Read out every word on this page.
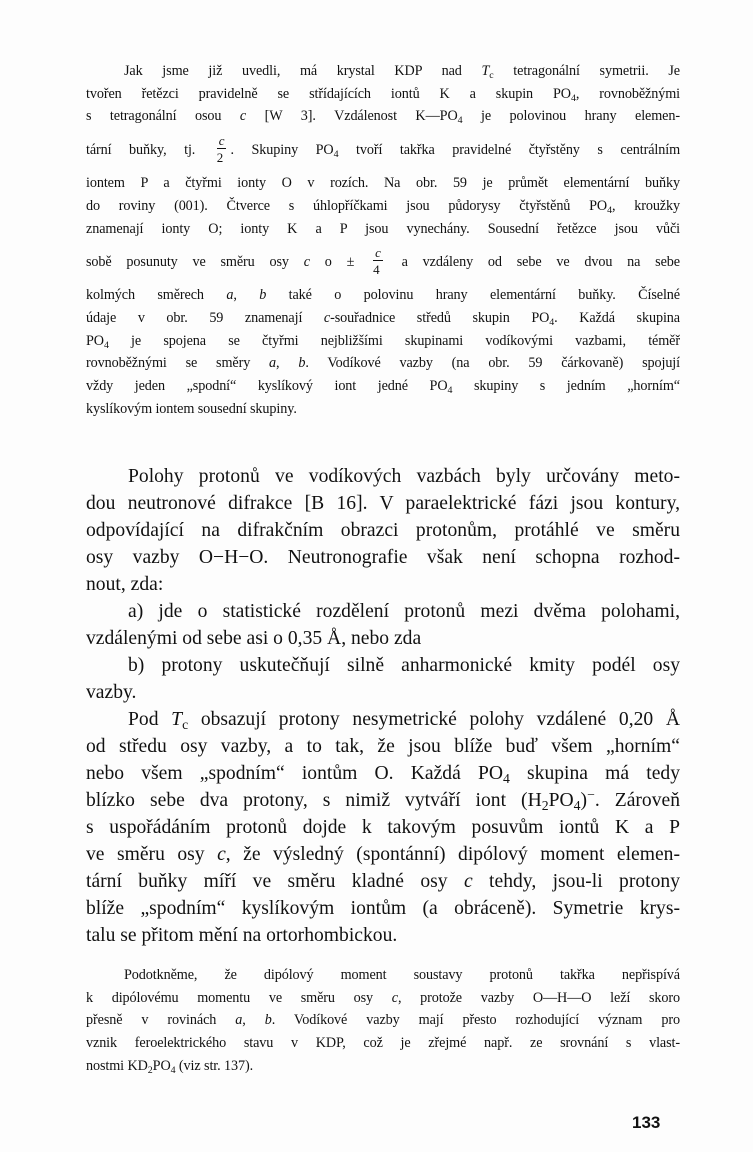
Jak jsme již uvedli, má krystal KDP nad $T_c$ tetragonální symetrii. Je
tvořen řetězci pravidelně se střídajících iontů K a skupin $PO_4$, rovnoběžnými
s tetragonální osou c [W 3]. Vzdálenost $K—PO_4$ je polovinou hrany elemen-
tární buňky, tj. $\frac{c}{2}$ . Skupiny $PO_4$ tvoří takřka pravidelné čtyřstěny s centrálním
iontem P a čtyřmi ionty O v rozích. Na obr. 59 je průmět elementární buňky
do roviny (001). Čtverce s úhlopříčkami jsou půdorysy čtyřstěnů $PO_4$, kroužky
znamenají ionty O; ionty K a P jsou vynechány. Sousední řetězce jsou vůči
sobě posunuty ve směru osy c $o \pm \frac{c}{4}$ a vzdáleny od sebe ve dvou na sebe
kolmých směrech a, b také o polovinu hrany elementární buňky. Číselné
údaje v obr. 59 znamenají c-souřadnice středů skupin $PO_4$. Každá skupina
$PO_4$ je spojena se čtyřmi nejbližšími skupinami vodíkovými vazbami, téměř
rovnoběžnými se směry a, b. Vodíkové vazby (na obr. 59 čárkovaně) spojují
vždy jeden „spodní“ kyslíkový iont jedné $PO_4$ skupiny s jedním „horním“
kyslíkovým iontem sousední skupiny.
Polohy protonů ve vodíkových vazbách byly určovány meto-
dou neutronové difrakce [B 16]. V paraelektrické fázi jsou kontury,
odpovídající na difrakčním obrazci protonům, protáhlé ve směru
osy vazby O−H−O. Neutronografie však není schopna rozhod-
nout, zda:
a) jde o statistické rozdělení protonů mezi dvěma polohami,
vzdálenými od sebe asi o 0,35 Å, nebo zda
b) protony uskutečňují silně anharmonické kmity podél osy
vazby.
Pod $T_c$ obsazují protony nesymetrické polohy vzdálené 0,20 Å
od středu osy vazby, a to tak, že jsou blíže buď všem „horním“
nebo všem „spodním“ iontům O. Každá $PO_4$ skupina má tedy
blízko sebe dva protony, s nimiž vytváří iont $(H_2PO_4)^-$. Zároveň
s uspořádáním protonů dojde k takovým posuvům iontů K a P
ve směru osy c, že výsledný (spontánní) dipólový moment elemen-
tární buňky míří ve směru kladné osy c tehdy, jsou-li protony
blíže „spodním“ kyslíkovým iontům (a obráceně). Symetrie krys-
talu se přitom mění na ortorhombickou.
Podotkněme, že dipólový moment soustavy protonů takřka nepřispívá
k dipólovému momentu ve směru osy c, protože vazby O—H—O leží skoro
přesně v rovinách a, b. Vodíkové vazby mají přesto rozhodující význam pro
vznik feroelektrického stavu v KDP, což je zřejmé např. ze srovnání s vlast-
nostmi $KD_2PO_4$ (viz str. 137).
133
